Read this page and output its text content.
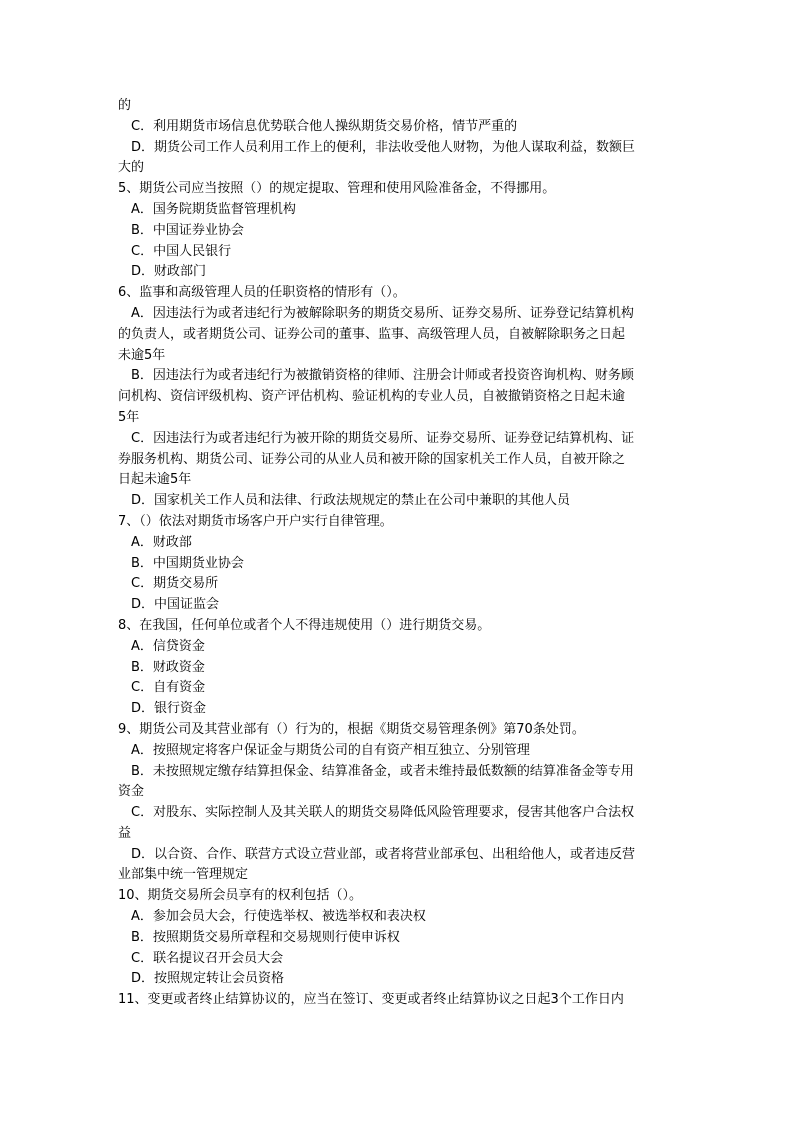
的
C．利用期货市场信息优势联合他人操纵期货交易价格，情节严重的
D．期货公司工作人员利用工作上的便利，非法收受他人财物，为他人谋取利益，数额巨
大的
5、期货公司应当按照（）的规定提取、管理和使用风险准备金，不得挪用。
A．国务院期货监督管理机构
B．中国证券业协会
C．中国人民银行
D．财政部门
6、监事和高级管理人员的任职资格的情形有（）。
A．因违法行为或者违纪行为被解除职务的期货交易所、证券交易所、证券登记结算机构
的负责人，或者期货公司、证券公司的董事、监事、高级管理人员，自被解除职务之日起
未逾5年
B．因违法行为或者违纪行为被撤销资格的律师、注册会计师或者投资咨询机构、财务顾
问机构、资信评级机构、资产评估机构、验证机构的专业人员，自被撤销资格之日起未逾
5年
C．因违法行为或者违纪行为被开除的期货交易所、证券交易所、证券登记结算机构、证
券服务机构、期货公司、证券公司的从业人员和被开除的国家机关工作人员，自被开除之
日起未逾5年
D．国家机关工作人员和法律、行政法规规定的禁止在公司中兼职的其他人员
7、（）依法对期货市场客户开户实行自律管理。
A．财政部
B．中国期货业协会
C．期货交易所
D．中国证监会
8、在我国，任何单位或者个人不得违规使用（）进行期货交易。
A．信贷资金
B．财政资金
C．自有资金
D．银行资金
9、期货公司及其营业部有（）行为的，根据《期货交易管理条例》第70条处罚。
A．按照规定将客户保证金与期货公司的自有资产相互独立、分别管理
B．未按照规定缴存结算担保金、结算准备金，或者未维持最低数额的结算准备金等专用
资金
C．对股东、实际控制人及其关联人的期货交易降低风险管理要求，侵害其他客户合法权
益
D．以合资、合作、联营方式设立营业部，或者将营业部承包、出租给他人，或者违反营
业部集中统一管理规定
10、期货交易所会员享有的权利包括（）。
A．参加会员大会，行使选举权、被选举权和表决权
B．按照期货交易所章程和交易规则行使申诉权
C．联名提议召开会员大会
D．按照规定转让会员资格
11、变更或者终止结算协议的，应当在签订、变更或者终止结算协议之日起3个工作日内
